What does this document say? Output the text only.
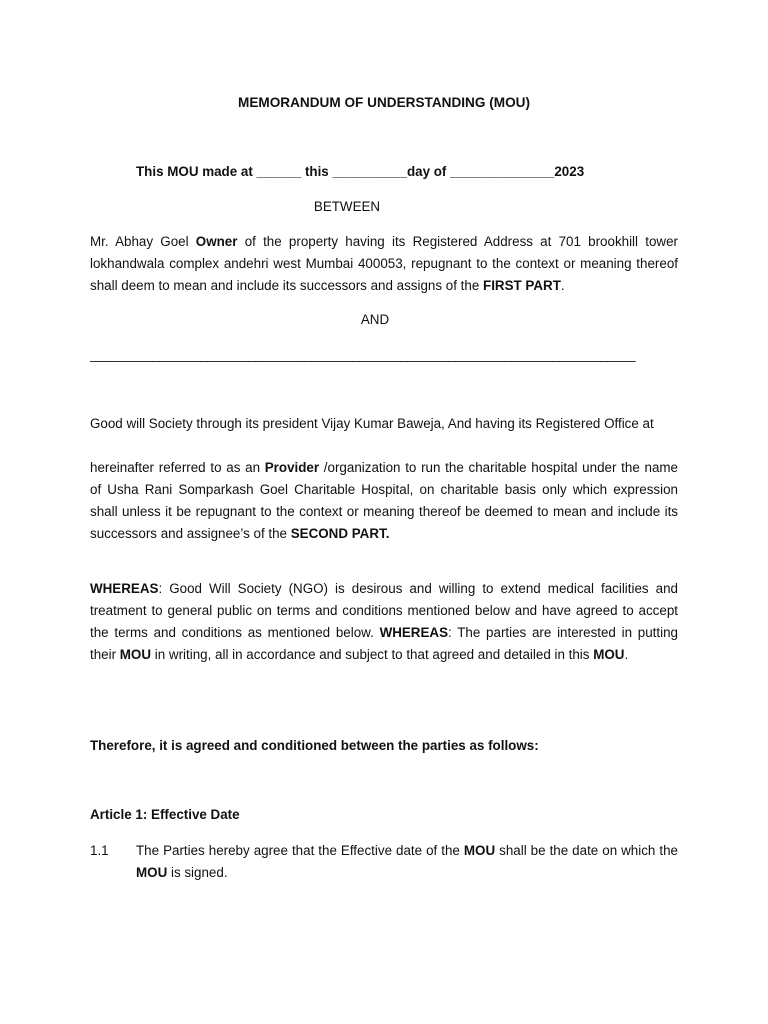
MEMORANDUM OF UNDERSTANDING (MOU)
This MOU made at ______ this __________day of ______________2023
BETWEEN

Mr. Abhay Goel Owner of the property having its Registered Address at 701 brookhill tower lokhandwala complex andehri west Mumbai 400053, repugnant to the context or meaning thereof shall deem to mean and include its successors and assigns of the FIRST PART.

AND
_______________________________________________________________________________
Good will Society through its president Vijay Kumar Baweja, And having its Registered Office at

hereinafter referred to as an Provider /organization to run the charitable hospital under the name of Usha Rani Somparkash Goel Charitable Hospital, on charitable basis only which expression shall unless it be repugnant to the context or meaning thereof be deemed to mean and include its successors and assignee’s of the SECOND PART.

WHEREAS: Good Will Society (NGO) is desirous and willing to extend medical facilities and treatment to general public on terms and conditions mentioned below and have agreed to accept the terms and conditions as mentioned below. WHEREAS: The parties are interested in putting their MOU in writing, all in accordance and subject to that agreed and detailed in this MOU.

Therefore, it is agreed and conditioned between the parties as follows:
Article 1: Effective Date
1.1 The Parties hereby agree that the Effective date of the MOU shall be the date on which the MOU is signed.
